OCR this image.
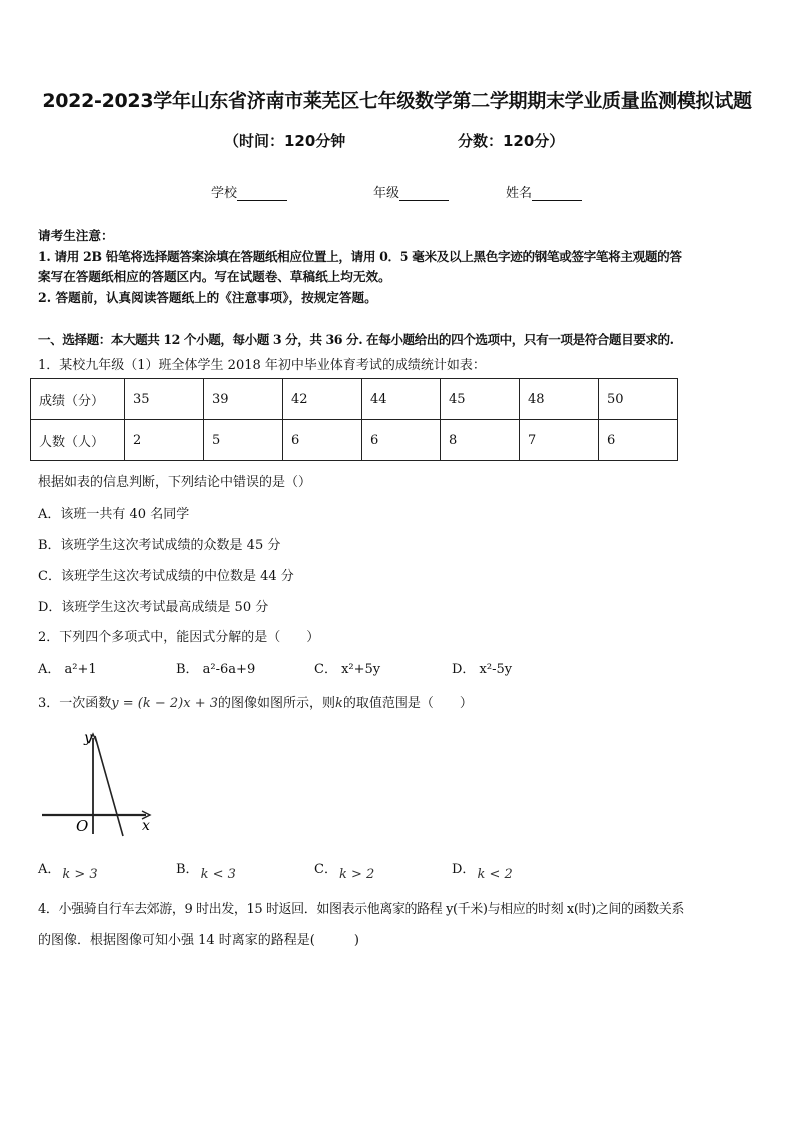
2022-2023学年山东省济南市莱芜区七年级数学第二学期期末学业质量监测模拟试题
（时间：120分钟	分数：120分）
学校	年级	姓名
请考生注意：
1. 请用 2B 铅笔将选择题答案涂填在答题纸相应位置上，请用 0．5 毫米及以上黑色字迹的钢笔或签字笔将主观题的答
案写在答题纸相应的答题区内。写在试题卷、草稿纸上均无效。
2. 答题前，认真阅读答题纸上的《注意事项》，按规定答题。
一、选择题：本大题共 12 个小题，每小题 3 分，共 36 分. 在每小题给出的四个选项中，只有一项是符合题目要求的.
1．某校九年级（1）班全体学生 2018 年初中毕业体育考试的成绩统计如表：
成绩（分）	35	39	42	44	45	48	50
人数（人）	2	5	6	6	8	7	6
根据如表的信息判断，下列结论中错误的是（）
A．该班一共有 40 名同学
B．该班学生这次考试成绩的众数是 45 分
C．该班学生这次考试成绩的中位数是 44 分
D．该班学生这次考试最高成绩是 50 分
2．下列四个多项式中，能因式分解的是（　　）
A． a²+1	B． a²-6a+9	C． x²+5y	D． x²-5y
3．一次函数y = (k − 2)x + 3的图像如图所示，则k的取值范围是（　　）
y
x
O
A． k > 3	B． k < 3	C． k > 2	D． k < 2
4．小强骑自行车去郊游，9 时出发，15 时返回．如图表示他离家的路程 y(千米)与相应的时刻 x(时)之间的函数关系
的图像．根据图像可知小强 14 时离家的路程是(　　　)
